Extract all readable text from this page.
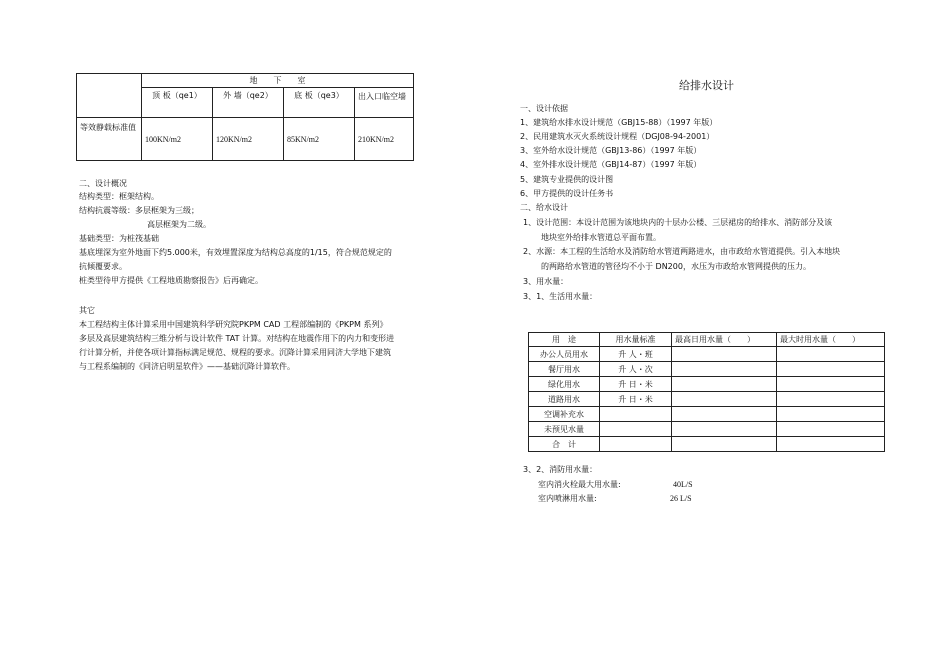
	地　　下　　室			
	顶 板（qe1）	外 墙（qe2）	底 板（qe3）	出入口临空墙
等效静载标准值	100KN/m2	120KN/m2	85KN/m2	210KN/m2
二、设计概况
结构类型：框架结构。
结构抗震等级：多层框架为三级；
高层框架为二级。
基础类型：为桩筏基础
基底埋深为室外地面下约5.000米，有效埋置深度为结构总高度的1/15，符合规范规定的
抗倾覆要求。
桩类型待甲方提供《工程地质勘察报告》后再确定。
其它
本工程结构主体计算采用中国建筑科学研究院PKPM CAD 工程部编制的《PKPM 系列》
多层及高层建筑结构三维分析与设计软件 TAT 计算。对结构在地震作用下的内力和变形进
行计算分析，并使各项计算指标满足规范、规程的要求。沉降计算采用同济大学地下建筑
与工程系编制的《同济启明星软件》——基础沉降计算软件。
给排水设计
一、设计依据
1、建筑给水排水设计规范（GBJ15-88）（1997 年版）
2、民用建筑水灭火系统设计规程（DGJ08-94-2001）
3、室外给水设计规范（GBJ13-86）（1997 年版）
4、室外排水设计规范（GBJ14-87）（1997 年版）
5、建筑专业提供的设计图
6、甲方提供的设计任务书
二、给水设计
1、设计范围：本设计范围为该地块内的十层办公楼、三层裙房的给排水、消防部分及该
地块室外给排水管道总平面布置。
2、水源：本工程的生活给水及消防给水管道两路进水，由市政给水管道提供。引入本地块
的两路给水管道的管径均不小于 DN200，水压为市政给水管网提供的压力。
3、用水量：
3、1、生活用水量：
用　途	用水量标准	最高日用水量（　　）	最大时用水量（　　）
办公人员用水	升 人・班		
餐厅用水	升 人・次		
绿化用水	升 日・米		
道路用水	升 日・米		
空调补充水			
未预见水量			
合　计			
3、2、消防用水量：
室内消火栓最大用水量:	40L/S
室内喷淋用水量:	26 L/S
